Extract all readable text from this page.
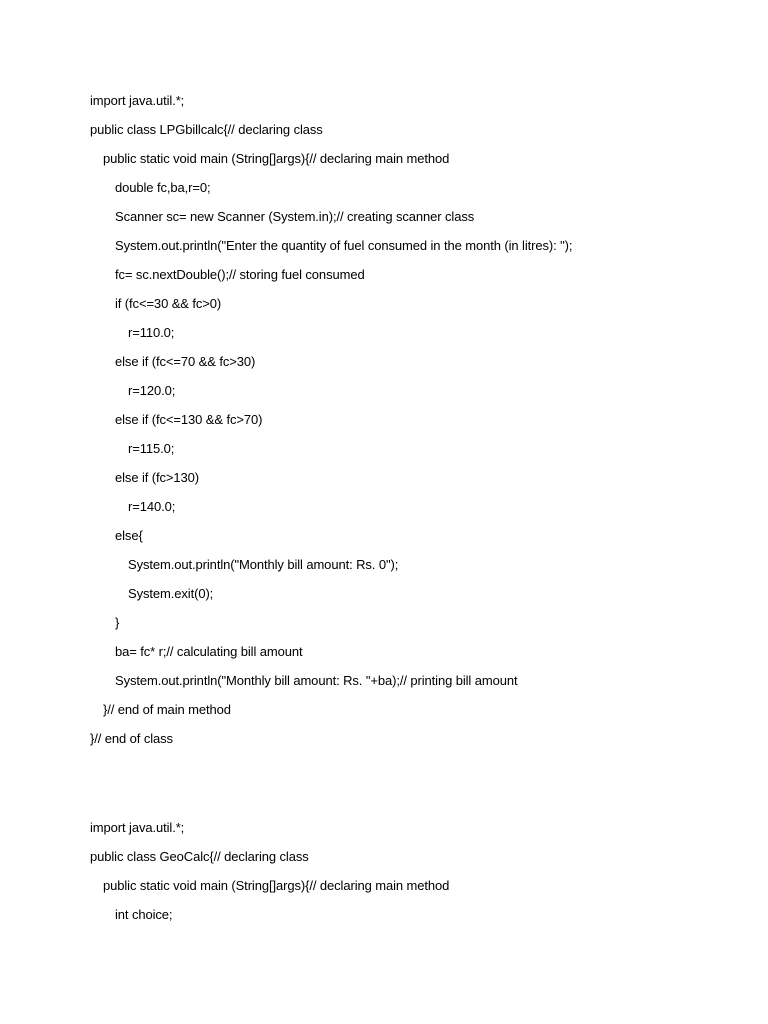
import java.util.*;
public class LPGbillcalc{// declaring class
public static void main (String[]args){// declaring main method
double fc,ba,r=0;
Scanner sc= new Scanner (System.in);// creating scanner class
System.out.println("Enter the quantity of fuel consumed in the month (in litres): ");
fc= sc.nextDouble();// storing fuel consumed
if (fc<=30 && fc>0)
r=110.0;
else if (fc<=70 && fc>30)
r=120.0;
else if (fc<=130 && fc>70)
r=115.0;
else if (fc>130)
r=140.0;
else{
System.out.println("Monthly bill amount: Rs. 0");
System.exit(0);
}
ba= fc* r;// calculating bill amount
System.out.println("Monthly bill amount: Rs. "+ba);// printing bill amount
}// end of main method
}// end of class
import java.util.*;
public class GeoCalc{// declaring class
public static void main (String[]args){// declaring main method
int choice;
